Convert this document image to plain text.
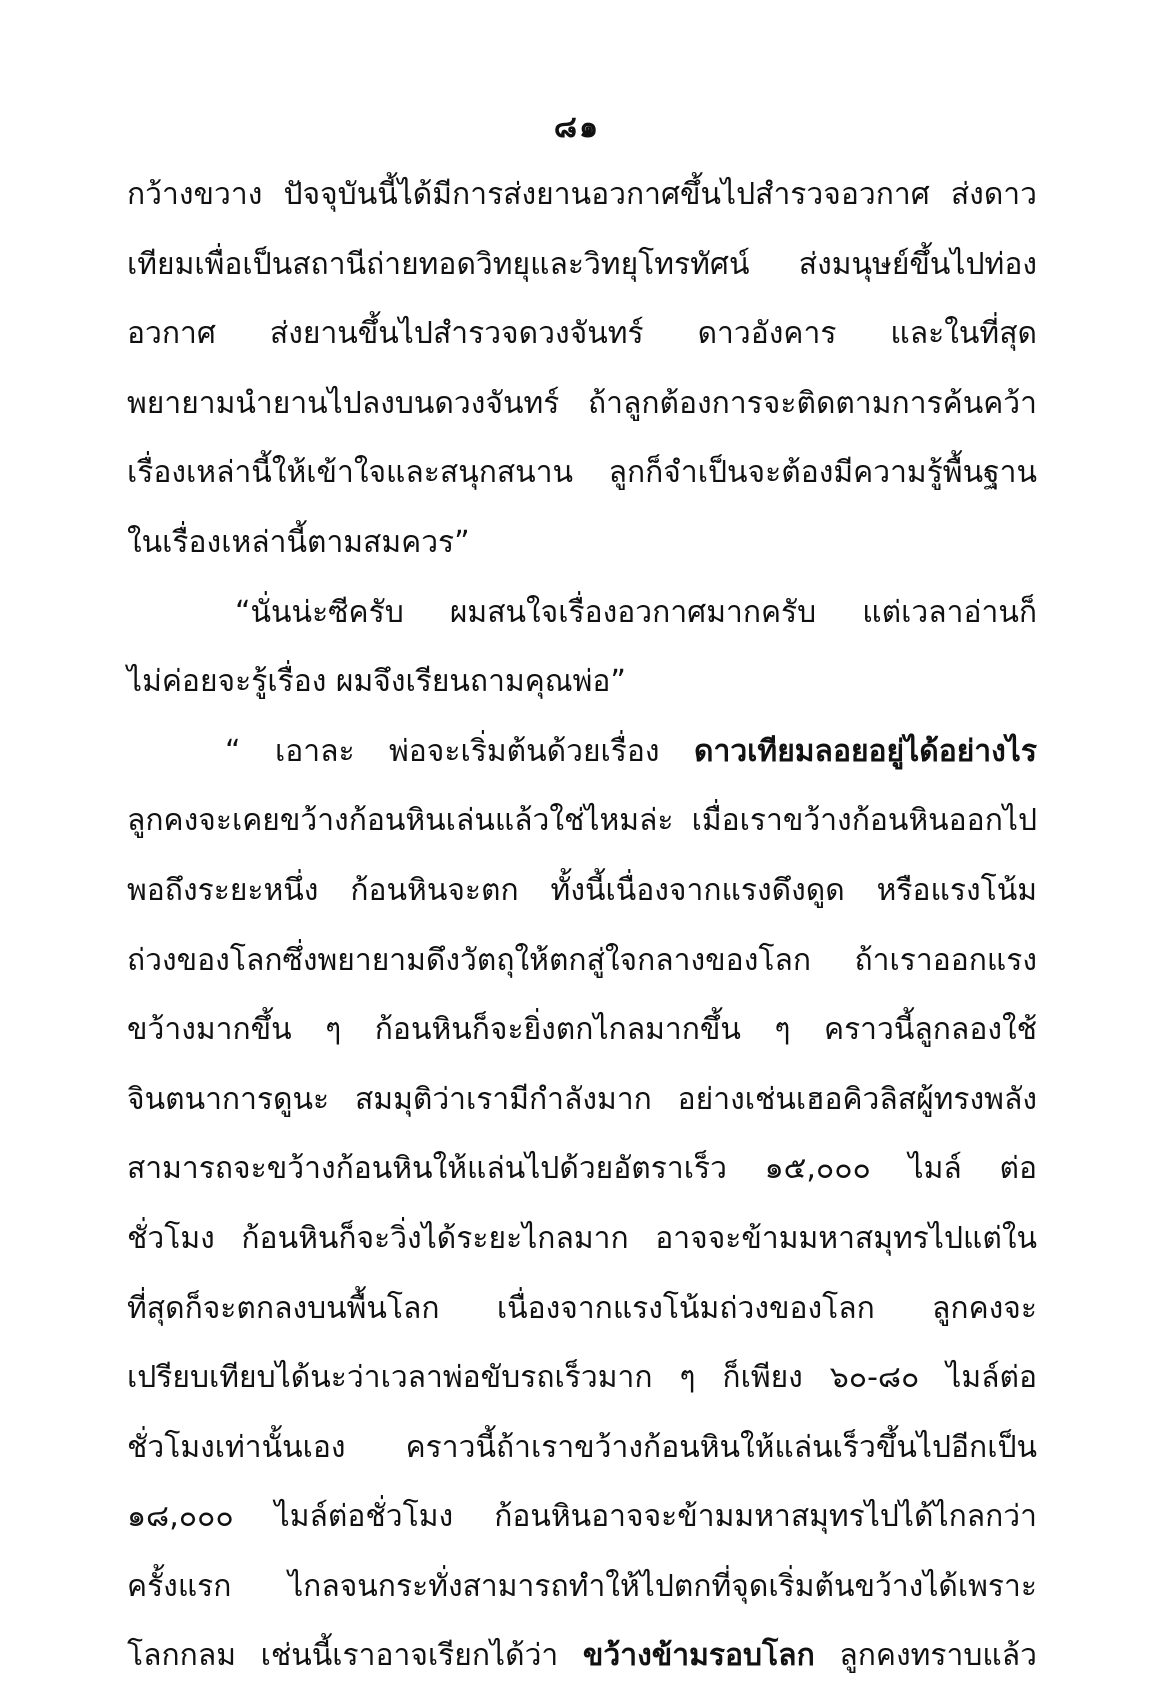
๘๑
กว้างขวาง ปัจจุบันนี้ได้มีการส่งยานอวกาศขึ้นไปสำรวจอวกาศ ส่งดาว
เทียมเพื่อเป็นสถานีถ่ายทอดวิทยุและวิทยุโทรทัศน์ ส่งมนุษย์ขึ้นไปท่อง
อวกาศ ส่งยานขึ้นไปสำรวจดวงจันทร์ ดาวอังคาร และในที่สุด
พยายามนำยานไปลงบนดวงจันทร์ ถ้าลูกต้องการจะติดตามการค้นคว้า
เรื่องเหล่านี้ให้เข้าใจและสนุกสนาน ลูกก็จำเป็นจะต้องมีความรู้พื้นฐาน
ในเรื่องเหล่านี้ตามสมควร”
“นั่นน่ะซีครับ ผมสนใจเรื่องอวกาศมากครับ แต่เวลาอ่านก็
ไม่ค่อยจะรู้เรื่อง ผมจึงเรียนถามคุณพ่อ”
“ เอาละ พ่อจะเริ่มต้นด้วยเรื่อง ดาวเทียมลอยอยู่ได้อย่างไร
ลูกคงจะเคยขว้างก้อนหินเล่นแล้วใช่ไหมล่ะ เมื่อเราขว้างก้อนหินออกไป
พอถึงระยะหนึ่ง ก้อนหินจะตก ทั้งนี้เนื่องจากแรงดึงดูด หรือแรงโน้ม
ถ่วงของโลกซึ่งพยายามดึงวัตถุให้ตกสู่ใจกลางของโลก ถ้าเราออกแรง
ขว้างมากขึ้น ๆ ก้อนหินก็จะยิ่งตกไกลมากขึ้น ๆ คราวนี้ลูกลองใช้
จินตนาการดูนะ สมมุติว่าเรามีกำลังมาก อย่างเช่นเฮอคิวลิสผู้ทรงพลัง
สามารถจะขว้างก้อนหินให้แล่นไปด้วยอัตราเร็ว ๑๕,๐๐๐ ไมล์ ต่อ
ชั่วโมง ก้อนหินก็จะวิ่งได้ระยะไกลมาก อาจจะข้ามมหาสมุทรไปแต่ใน
ที่สุดก็จะตกลงบนพื้นโลก เนื่องจากแรงโน้มถ่วงของโลก ลูกคงจะ
เปรียบเทียบได้นะว่าเวลาพ่อขับรถเร็วมาก ๆ ก็เพียง ๖๐-๘๐ ไมล์ต่อ
ชั่วโมงเท่านั้นเอง คราวนี้ถ้าเราขว้างก้อนหินให้แล่นเร็วขึ้นไปอีกเป็น
๑๘,๐๐๐ ไมล์ต่อชั่วโมง ก้อนหินอาจจะข้ามมหาสมุทรไปได้ไกลกว่า
ครั้งแรก ไกลจนกระทั่งสามารถทำให้ไปตกที่จุดเริ่มต้นขว้างได้เพราะ
โลกกลม เช่นนี้เราอาจเรียกได้ว่า ขว้างข้ามรอบโลก ลูกคงทราบแล้ว
